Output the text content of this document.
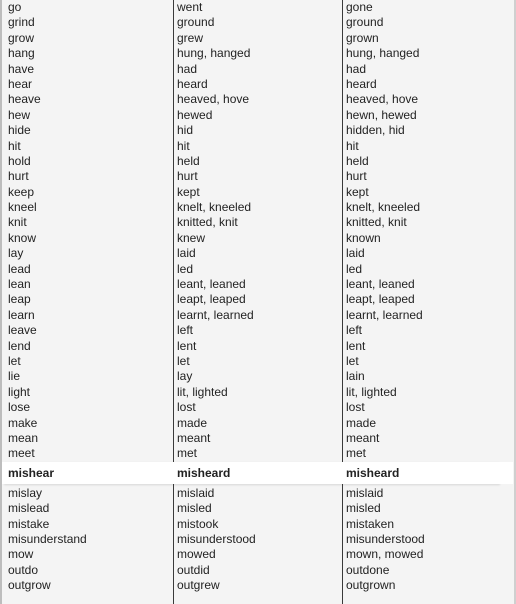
go
grind
grow
hang
have
hear
heave
hew
hide
hit
hold
hurt
keep
kneel
knit
know
lay
lead
lean
leap
learn
leave
lend
let
lie
light
lose
make
mean
meet
mishear
mislay
mislead
mistake
misunderstand
mow
outdo
outgrow
went
ground
grew
hung, hanged
had
heard
heaved, hove
hewed
hid
hit
held
hurt
kept
knelt, kneeled
knitted, knit
knew
laid
led
leant, leaned
leapt, leaped
learnt, learned
left
lent
let
lay
lit, lighted
lost
made
meant
met
misheard
mislaid
misled
mistook
misunderstood
mowed
outdid
outgrew
gone
ground
grown
hung, hanged
had
heard
heaved, hove
hewn, hewed
hidden, hid
hit
held
hurt
kept
knelt, kneeled
knitted, knit
known
laid
led
leant, leaned
leapt, leaped
learnt, learned
left
lent
let
lain
lit, lighted
lost
made
meant
met
misheard
mislaid
misled
mistaken
misunderstood
mown, mowed
outdone
outgrown
